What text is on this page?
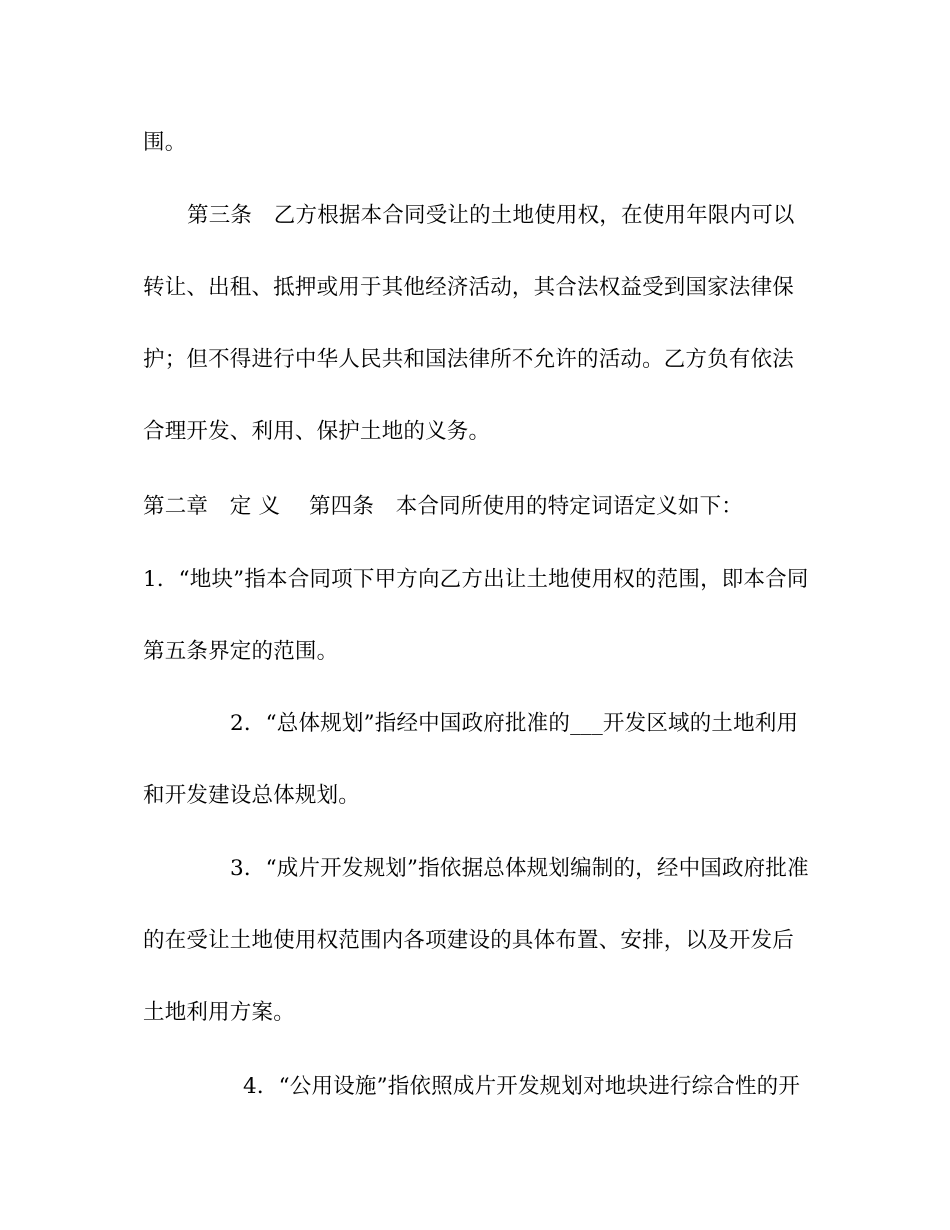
围。
第三条　乙方根据本合同受让的土地使用权，在使用年限内可以
转让、出租、抵押或用于其他经济活动，其合法权益受到国家法律保
护；但不得进行中华人民共和国法律所不允许的活动。乙方负有依法
合理开发、利用、保护土地的义务。
第二章　定 义　 第四条　本合同所使用的特定词语定义如下：
1．“地块”指本合同项下甲方向乙方出让土地使用权的范围，即本合同
第五条界定的范围。
2．“总体规划”指经中国政府批准的___开发区域的土地利用
和开发建设总体规划。
3．“成片开发规划”指依据总体规划编制的，经中国政府批准
的在受让土地使用权范围内各项建设的具体布置、安排，以及开发后
土地利用方案。
4．“公用设施”指依照成片开发规划对地块进行综合性的开
